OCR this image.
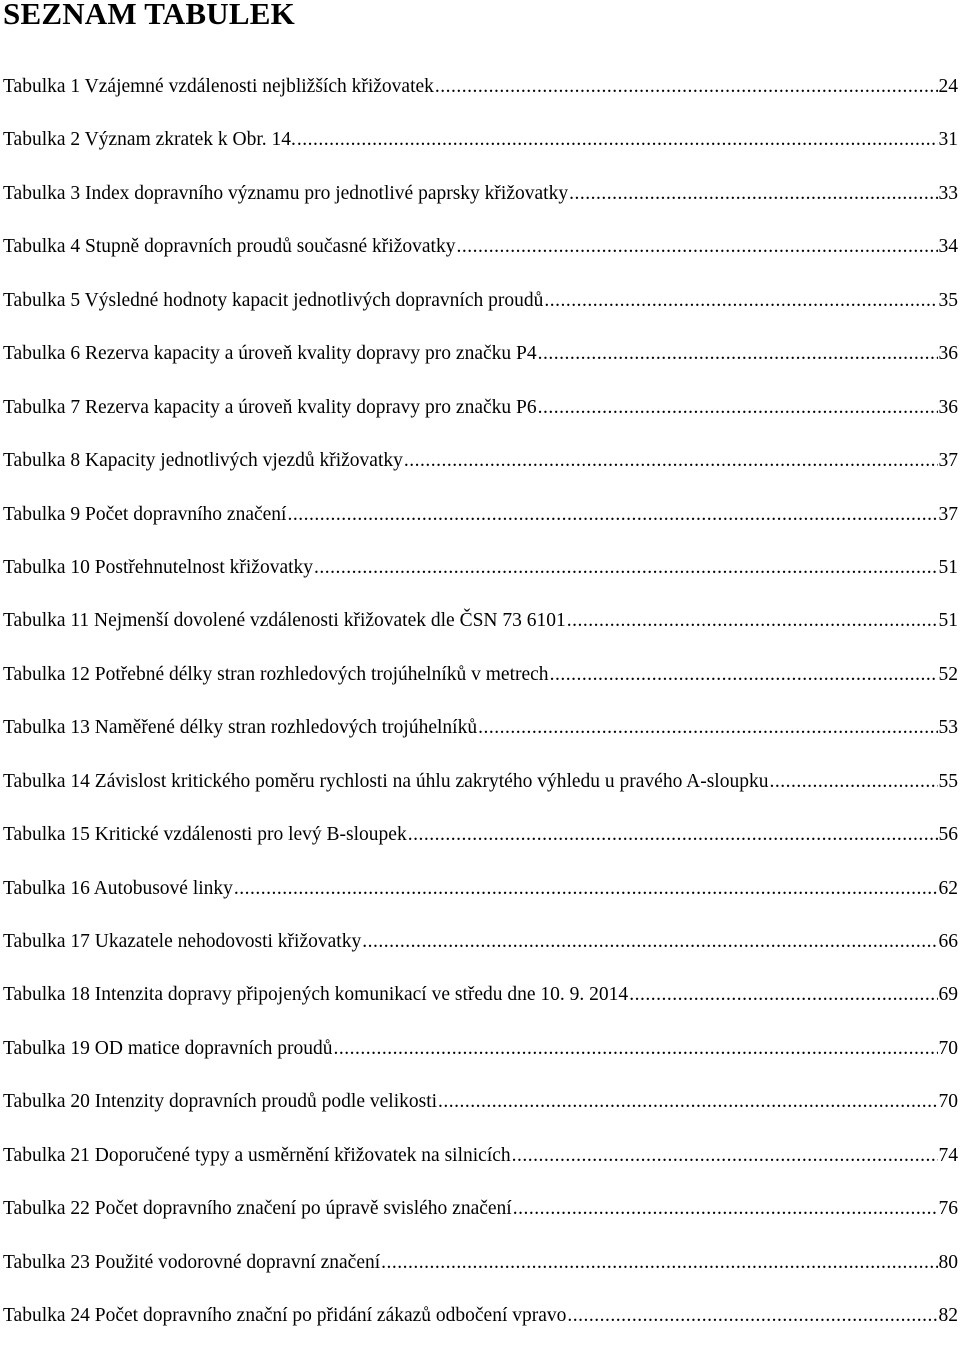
SEZNAM TABULEK
Tabulka 1 Vzájemné vzdálenosti nejbližších křižovatek .....	24
Tabulka 2 Význam zkratek k Obr. 14. .....	31
Tabulka 3 Index dopravního významu pro jednotlivé paprsky křižovatky .....	33
Tabulka 4 Stupně dopravních proudů současné křižovatky .....	34
Tabulka 5 Výsledné hodnoty kapacit jednotlivých dopravních proudů .....	35
Tabulka 6 Rezerva kapacity a úroveň kvality dopravy pro značku P4 .....	36
Tabulka 7 Rezerva kapacity a úroveň kvality dopravy pro značku P6 .....	36
Tabulka 8 Kapacity jednotlivých vjezdů křižovatky .....	37
Tabulka 9 Počet dopravního značení .....	37
Tabulka 10 Postřehnutelnost křižovatky .....	51
Tabulka 11 Nejmenší dovolené vzdálenosti křižovatek dle ČSN 73 6101 .....	51
Tabulka 12 Potřebné délky stran rozhledových trojúhelníků v metrech .....	52
Tabulka 13 Naměřené délky stran rozhledových trojúhelníků .....	53
Tabulka 14 Závislost kritického poměru rychlosti na úhlu zakrytého výhledu u pravého A-sloupku .....	55
Tabulka 15 Kritické vzdálenosti pro levý B-sloupek .....	56
Tabulka 16 Autobusové linky .....	62
Tabulka 17 Ukazatele nehodovosti křižovatky .....	66
Tabulka 18 Intenzita dopravy připojených komunikací ve středu dne 10. 9. 2014 .....	69
Tabulka 19 OD matice dopravních proudů .....	70
Tabulka 20 Intenzity dopravních proudů podle velikosti .....	70
Tabulka 21 Doporučené typy a usměrnění křižovatek na silnicích .....	74
Tabulka 22 Počet dopravního značení po úpravě svislého značení .....	76
Tabulka 23 Použité vodorovné dopravní značení .....	80
Tabulka 24 Počet dopravního znační po přidání zákazů odbočení vpravo .....	82
